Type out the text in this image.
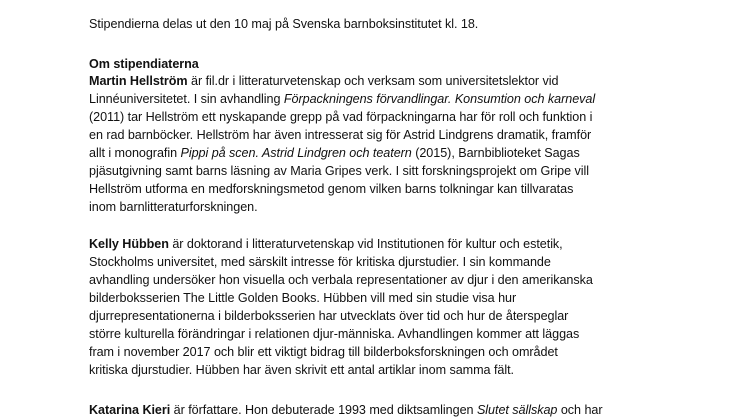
Stipendierna delas ut den 10 maj på Svenska barnboksinstitutet kl. 18.
Om stipendiaterna
Martin Hellström är fil.dr i litteraturvetenskap och verksam som universitetslektor vid
Linnéuniversitetet. I sin avhandling Förpackningens förvandlingar. Konsumtion och karneval
(2011) tar Hellström ett nyskapande grepp på vad förpackningarna har för roll och funktion i
en rad barnböcker. Hellström har även intresserat sig för Astrid Lindgrens dramatik, framför
allt i monografin Pippi på scen. Astrid Lindgren och teatern (2015), Barnbiblioteket Sagas
pjäsutgivning samt barns läsning av Maria Gripes verk. I sitt forskningsprojekt om Gripe vill
Hellström utforma en medforskningsmetod genom vilken barns tolkningar kan tillvaratas
inom barnlitteraturforskningen.
Kelly Hübben är doktorand i litteraturvetenskap vid Institutionen för kultur och estetik,
Stockholms universitet, med särskilt intresse för kritiska djurstudier. I sin kommande
avhandling undersöker hon visuella och verbala representationer av djur i den amerikanska
bilderboksserien The Little Golden Books. Hübben vill med sin studie visa hur
djurrepresentationerna i bilderboksserien har utvecklats över tid och hur de återspeglar
större kulturella förändringar i relationen djur-människa. Avhandlingen kommer att läggas
fram i november 2017 och blir ett viktigt bidrag till bilderboksforskningen och området
kritiska djurstudier. Hübben har även skrivit ett antal artiklar inom samma fält.
Katarina Kieri är författare. Hon debuterade 1993 med diktsamlingen Slutet sällskap och har
